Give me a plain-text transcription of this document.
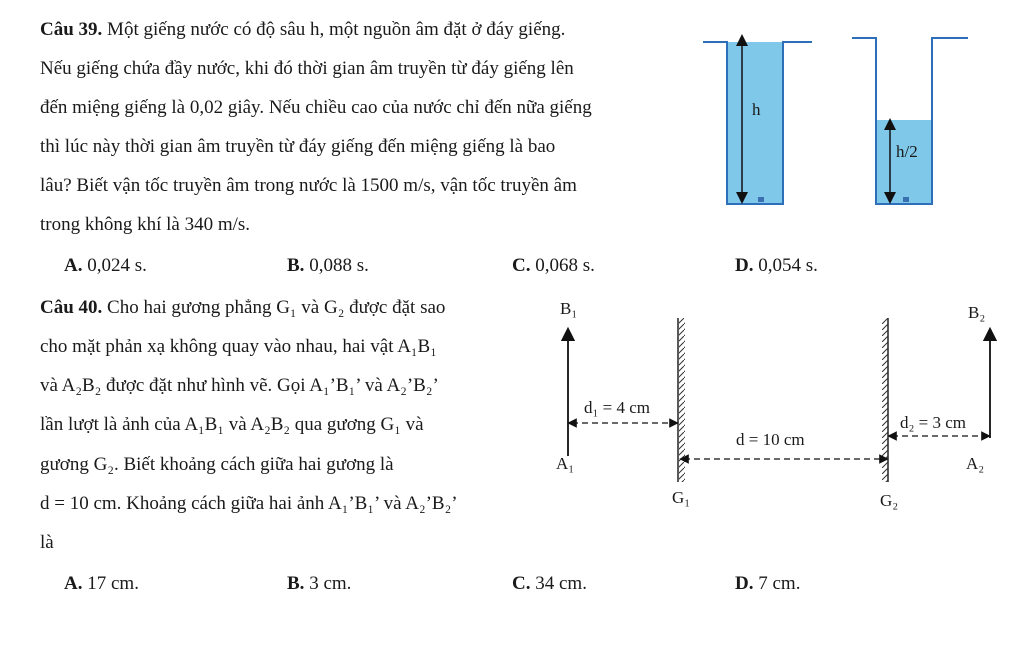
Câu 39. Một giếng nước có độ sâu h, một nguồn âm đặt ở đáy giếng.
Nếu giếng chứa đầy nước, khi đó thời gian âm truyền từ đáy giếng lên
đến miệng giếng là 0,02 giây. Nếu chiều cao của nước chỉ đến nữa giếng
thì lúc này thời gian âm truyền từ đáy giếng đến miệng giếng là bao
lâu? Biết vận tốc truyền âm trong nước là 1500 m/s, vận tốc truyền âm
trong không khí là 340 m/s.
A. 0,024 s.	B. 0,088 s.	C. 0,068 s.	D. 0,054 s.
h
h/2
Câu 40. Cho hai gương phẳng G₁ và G₂ được đặt sao
cho mặt phản xạ không quay vào nhau, hai vật A₁B₁
và A₂B₂ được đặt như hình vẽ. Gọi A₁’B₁’ và A₂’B₂’
lần lượt là ảnh của A₁B₁ và A₂B₂ qua gương G₁ và
gương G₂. Biết khoảng cách giữa hai gương là
d = 10 cm. Khoảng cách giữa hai ảnh A₁’B₁’ và A₂’B₂’
là
A. 17 cm.	B. 3 cm.	C. 34 cm.	D. 7 cm.
B₁	B₂
A₁	A₂
G₁	G₂
d₁ = 4 cm
d = 10 cm
d₂ = 3 cm
